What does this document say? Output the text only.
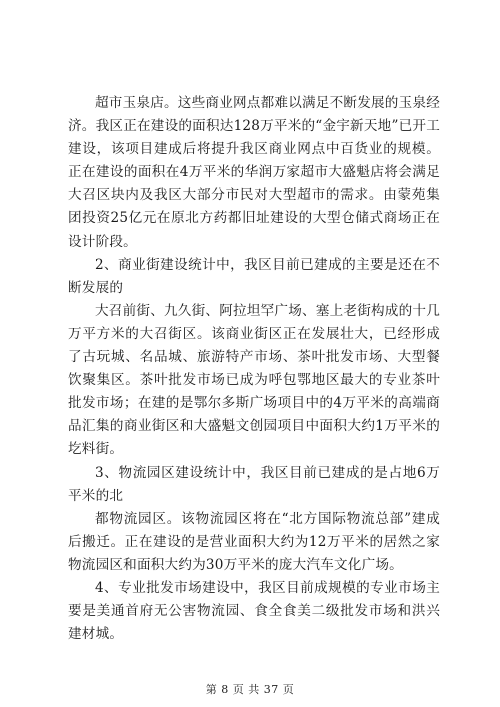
超市玉泉店。这些商业网点都难以满足不断发展的玉泉经济。我区正在建设的面积达128万平米的“金宇新天地”已开工建设，该项目建成后将提升我区商业网点中百货业的规模。正在建设的面积在4万平米的华润万家超市大盛魁店将会满足大召区块内及我区大部分市民对大型超市的需求。由蒙苑集团投资25亿元在原北方药都旧址建设的大型仓储式商场正在设计阶段。

2、商业街建设统计中，我区目前已建成的主要是还在不断发展的

大召前街、九久街、阿拉坦罕广场、塞上老街构成的十几万平方米的大召街区。该商业街区正在发展壮大，已经形成了古玩城、名品城、旅游特产市场、茶叶批发市场、大型餐饮聚集区。茶叶批发市场已成为呼包鄂地区最大的专业茶叶批发市场；在建的是鄂尔多斯广场项目中的4万平米的高端商品汇集的商业街区和大盛魁文创园项目中面积大约1万平米的圪料街。

3、物流园区建设统计中，我区目前已建成的是占地6万平米的北

都物流园区。该物流园区将在“北方国际物流总部”建成后搬迁。正在建设的是营业面积大约为12万平米的居然之家物流园区和面积大约为30万平米的庞大汽车文化广场。

4、专业批发市场建设中，我区目前成规模的专业市场主要是美通首府无公害物流园、食全食美二级批发市场和洪兴建材城。

第 8 页 共 37 页
